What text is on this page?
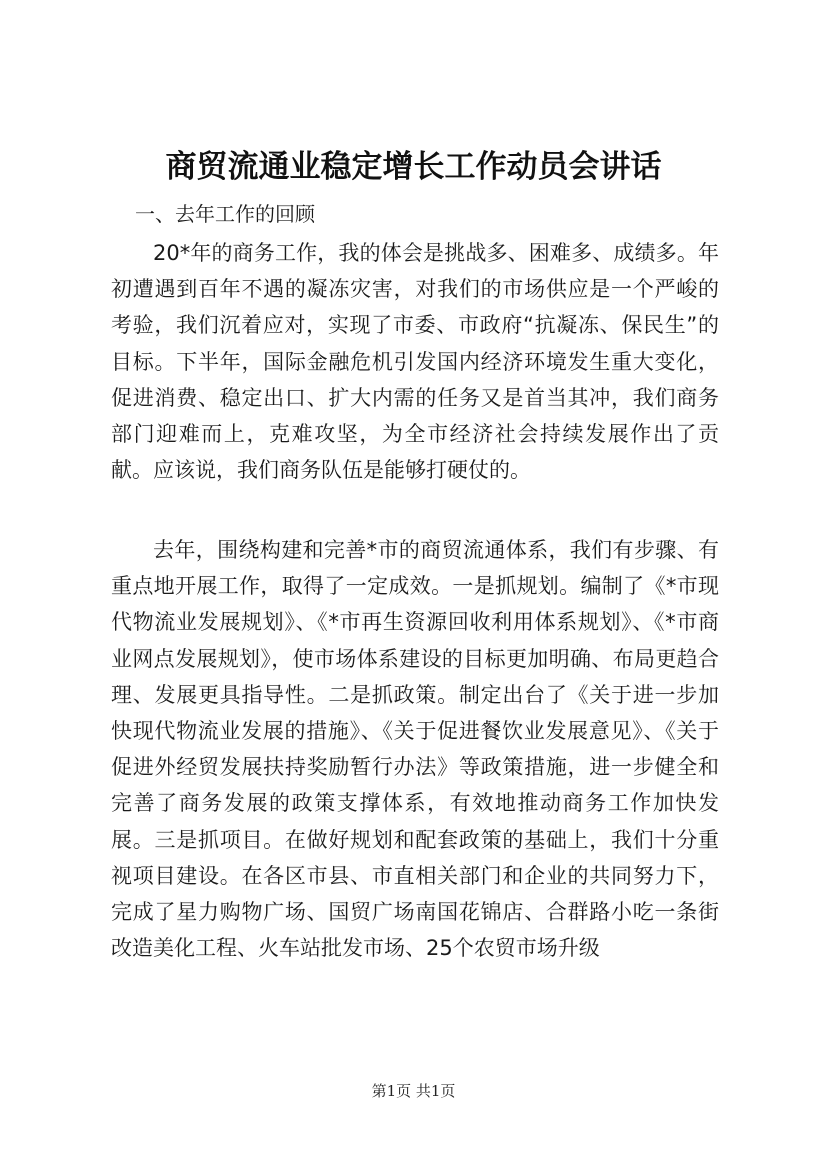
商贸流通业稳定增长工作动员会讲话
一、去年工作的回顾

20*年的商务工作，我的体会是挑战多、困难多、成绩多。年初遭遇到百年不遇的凝冻灾害，对我们的市场供应是一个严峻的考验，我们沉着应对，实现了市委、市政府“抗凝冻、保民生”的目标。下半年，国际金融危机引发国内经济环境发生重大变化，促进消费、稳定出口、扩大内需的任务又是首当其冲，我们商务部门迎难而上，克难攻坚，为全市经济社会持续发展作出了贡献。应该说，我们商务队伍是能够打硬仗的。

去年，围绕构建和完善*市的商贸流通体系，我们有步骤、有重点地开展工作，取得了一定成效。一是抓规划。编制了《*市现代物流业发展规划》、《*市再生资源回收利用体系规划》、《*市商业网点发展规划》，使市场体系建设的目标更加明确、布局更趋合理、发展更具指导性。二是抓政策。制定出台了《关于进一步加快现代物流业发展的措施》、《关于促进餐饮业发展意见》、《关于促进外经贸发展扶持奖励暂行办法》等政策措施，进一步健全和完善了商务发展的政策支撑体系，有效地推动商务工作加快发展。三是抓项目。在做好规划和配套政策的基础上，我们十分重视项目建设。在各区市县、市直相关部门和企业的共同努力下，完成了星力购物广场、国贸广场南国花锦店、合群路小吃一条街改造美化工程、火车站批发市场、25个农贸市场升级

第1页 共1页
